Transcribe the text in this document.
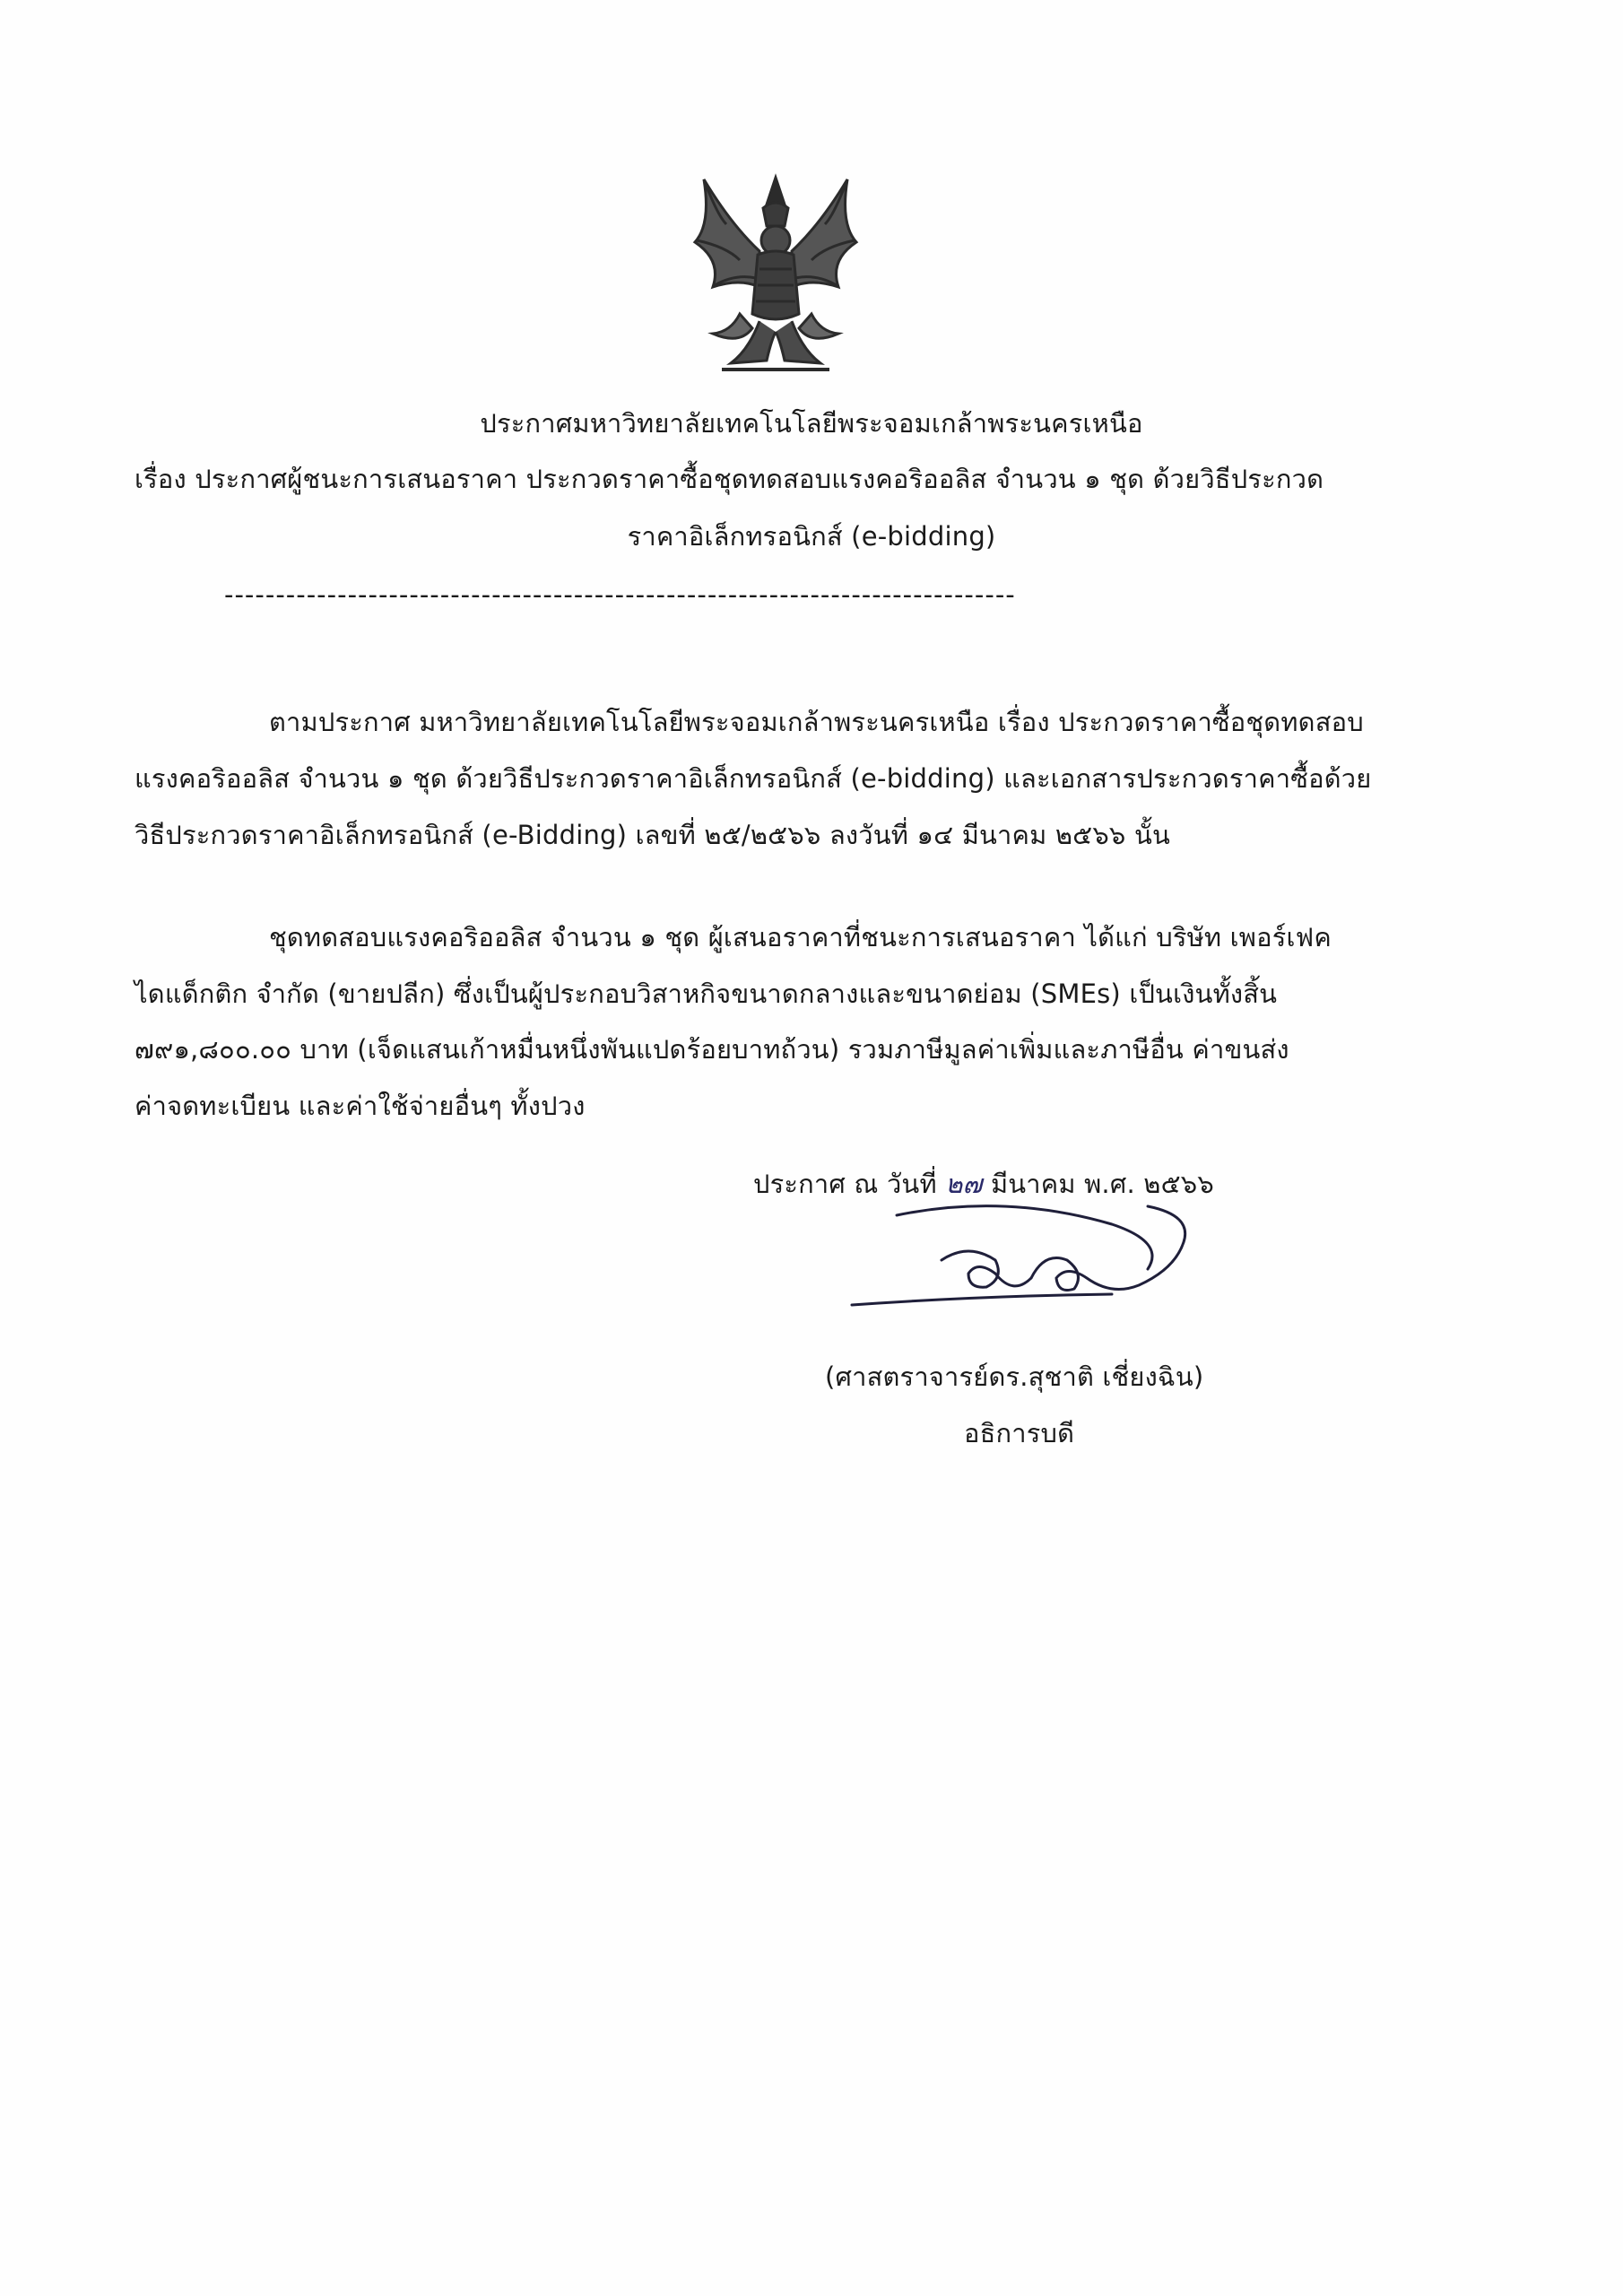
ประกาศมหาวิทยาลัยเทคโนโลยีพระจอมเกล้าพระนครเหนือ
เรื่อง ประกาศผู้ชนะการเสนอราคา ประกวดราคาซื้อชุดทดสอบแรงคอริออลิส จำนวน ๑ ชุด ด้วยวิธีประกวด
ราคาอิเล็กทรอนิกส์ (e-bidding)
-----------------------------------------------------------------------------
ตามประกาศ มหาวิทยาลัยเทคโนโลยีพระจอมเกล้าพระนครเหนือ เรื่อง ประกวดราคาซื้อชุดทดสอบ
แรงคอริออลิส จำนวน ๑ ชุด ด้วยวิธีประกวดราคาอิเล็กทรอนิกส์ (e-bidding) และเอกสารประกวดราคาซื้อด้วย
วิธีประกวดราคาอิเล็กทรอนิกส์ (e-Bidding) เลขที่ ๒๕/๒๕๖๖ ลงวันที่ ๑๔ มีนาคม ๒๕๖๖ นั้น
ชุดทดสอบแรงคอริออลิส จำนวน ๑ ชุด ผู้เสนอราคาที่ชนะการเสนอราคา ได้แก่ บริษัท เพอร์เฟค
ไดแด็กติก จำกัด (ขายปลีก) ซึ่งเป็นผู้ประกอบวิสาหกิจขนาดกลางและขนาดย่อม (SMEs) เป็นเงินทั้งสิ้น
๗๙๑,๘๐๐.๐๐ บาท (เจ็ดแสนเก้าหมื่นหนึ่งพันแปดร้อยบาทถ้วน) รวมภาษีมูลค่าเพิ่มและภาษีอื่น ค่าขนส่ง
ค่าจดทะเบียน และค่าใช้จ่ายอื่นๆ ทั้งปวง
ประกาศ ณ วันที่ ๒๗ มีนาคม พ.ศ. ๒๕๖๖
(ศาสตราจารย์ดร.สุชาติ เชี่ยงฉิน)
อธิการบดี
